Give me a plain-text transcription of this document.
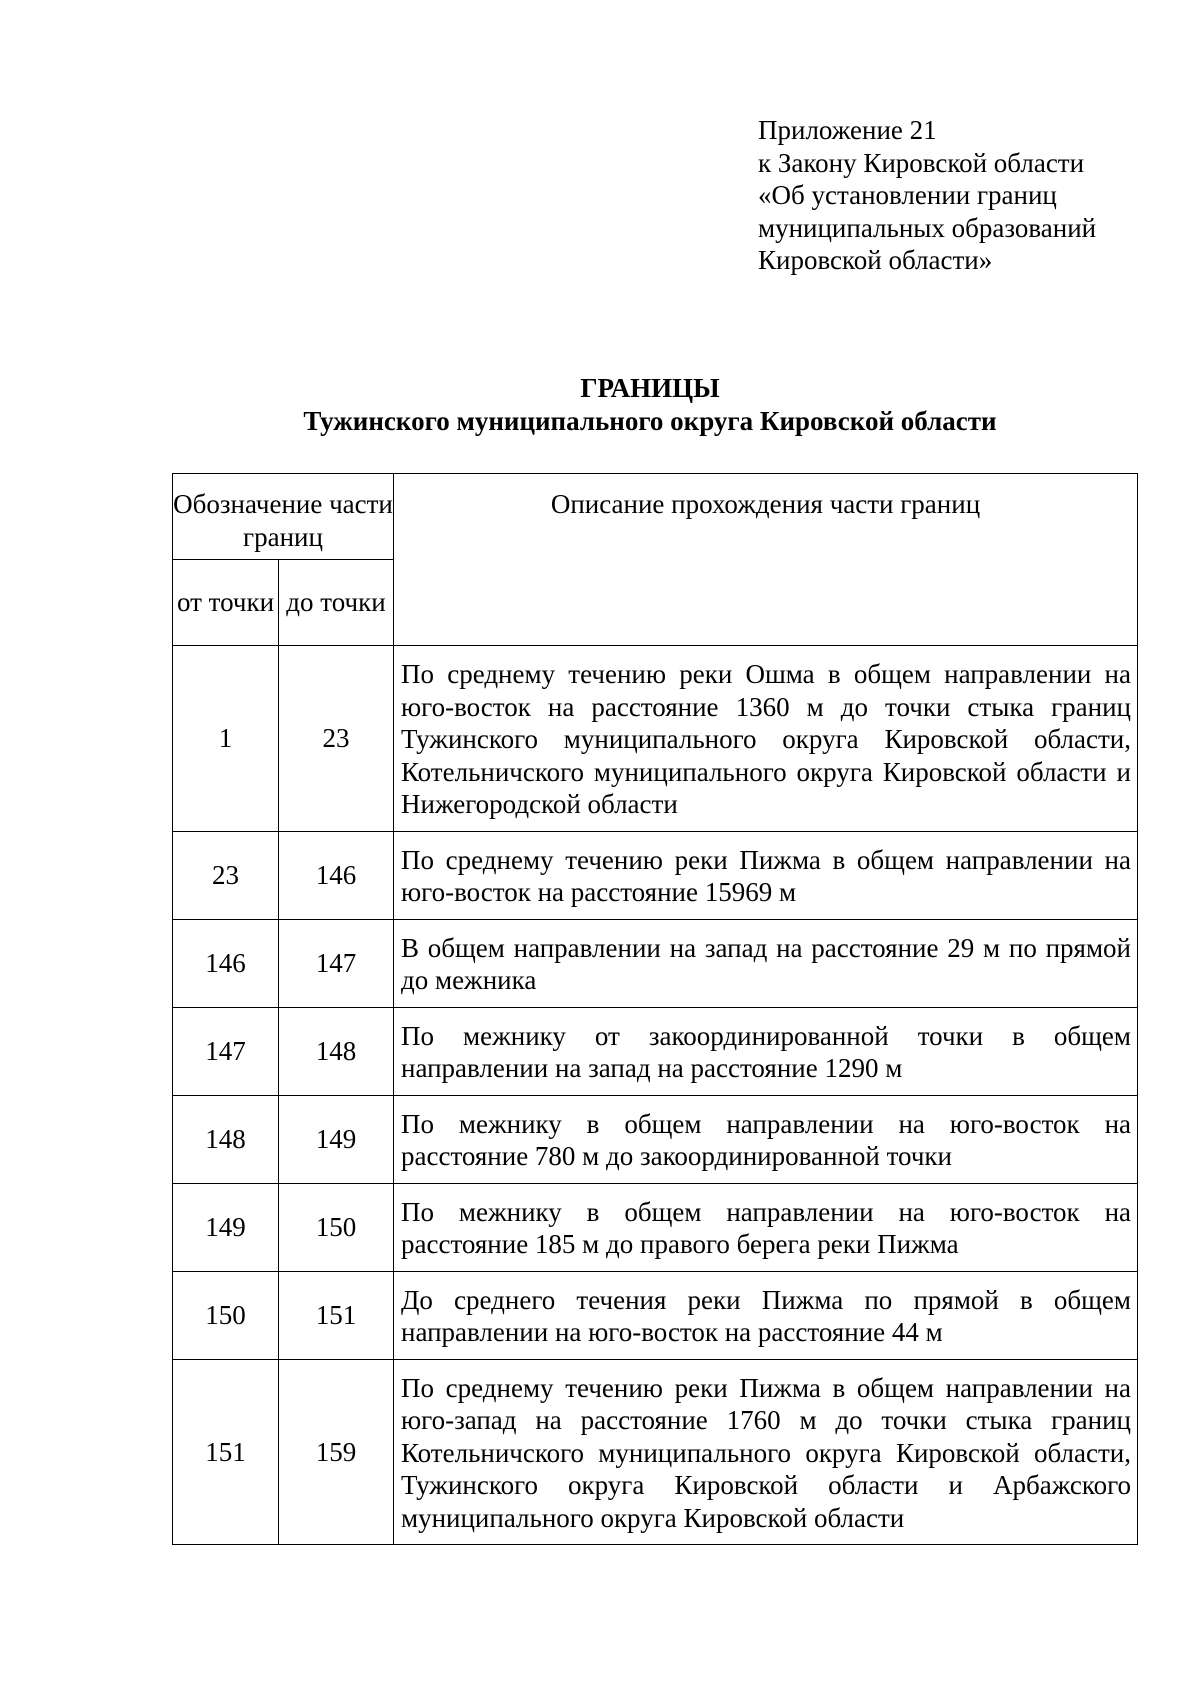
Приложение 21
к Закону Кировской области
«Об установлении границ
муниципальных образований
Кировской области»
ГРАНИЦЫ
Тужинского муниципального округа Кировской области
Обозначение части границ		Описание прохождения части границ
от точки	до точки	
1	23	По среднему течению реки Ошма в общем направлении на юго-восток на расстояние 1360 м до точки стыка границ Тужинского муниципального округа Кировской области, Котельничского муниципального округа Кировской области и Нижегородской области
23	146	По среднему течению реки Пижма в общем направлении на юго-восток на расстояние 15969 м
146	147	В общем направлении на запад на расстояние 29 м по прямой до межника
147	148	По межнику от закоординированной точки в общем направлении на запад на расстояние 1290 м
148	149	По межнику в общем направлении на юго-восток на расстояние 780 м до закоординированной точки
149	150	По межнику в общем направлении на юго-восток на расстояние 185 м до правого берега реки Пижма
150	151	До среднего течения реки Пижма по прямой в общем направлении на юго-восток на расстояние 44 м
151	159	По среднему течению реки Пижма в общем направлении на юго-запад на расстояние 1760 м до точки стыка границ Котельничского муниципального округа Кировской области, Тужинского округа Кировской области и Арбажского муниципального округа Кировской области
